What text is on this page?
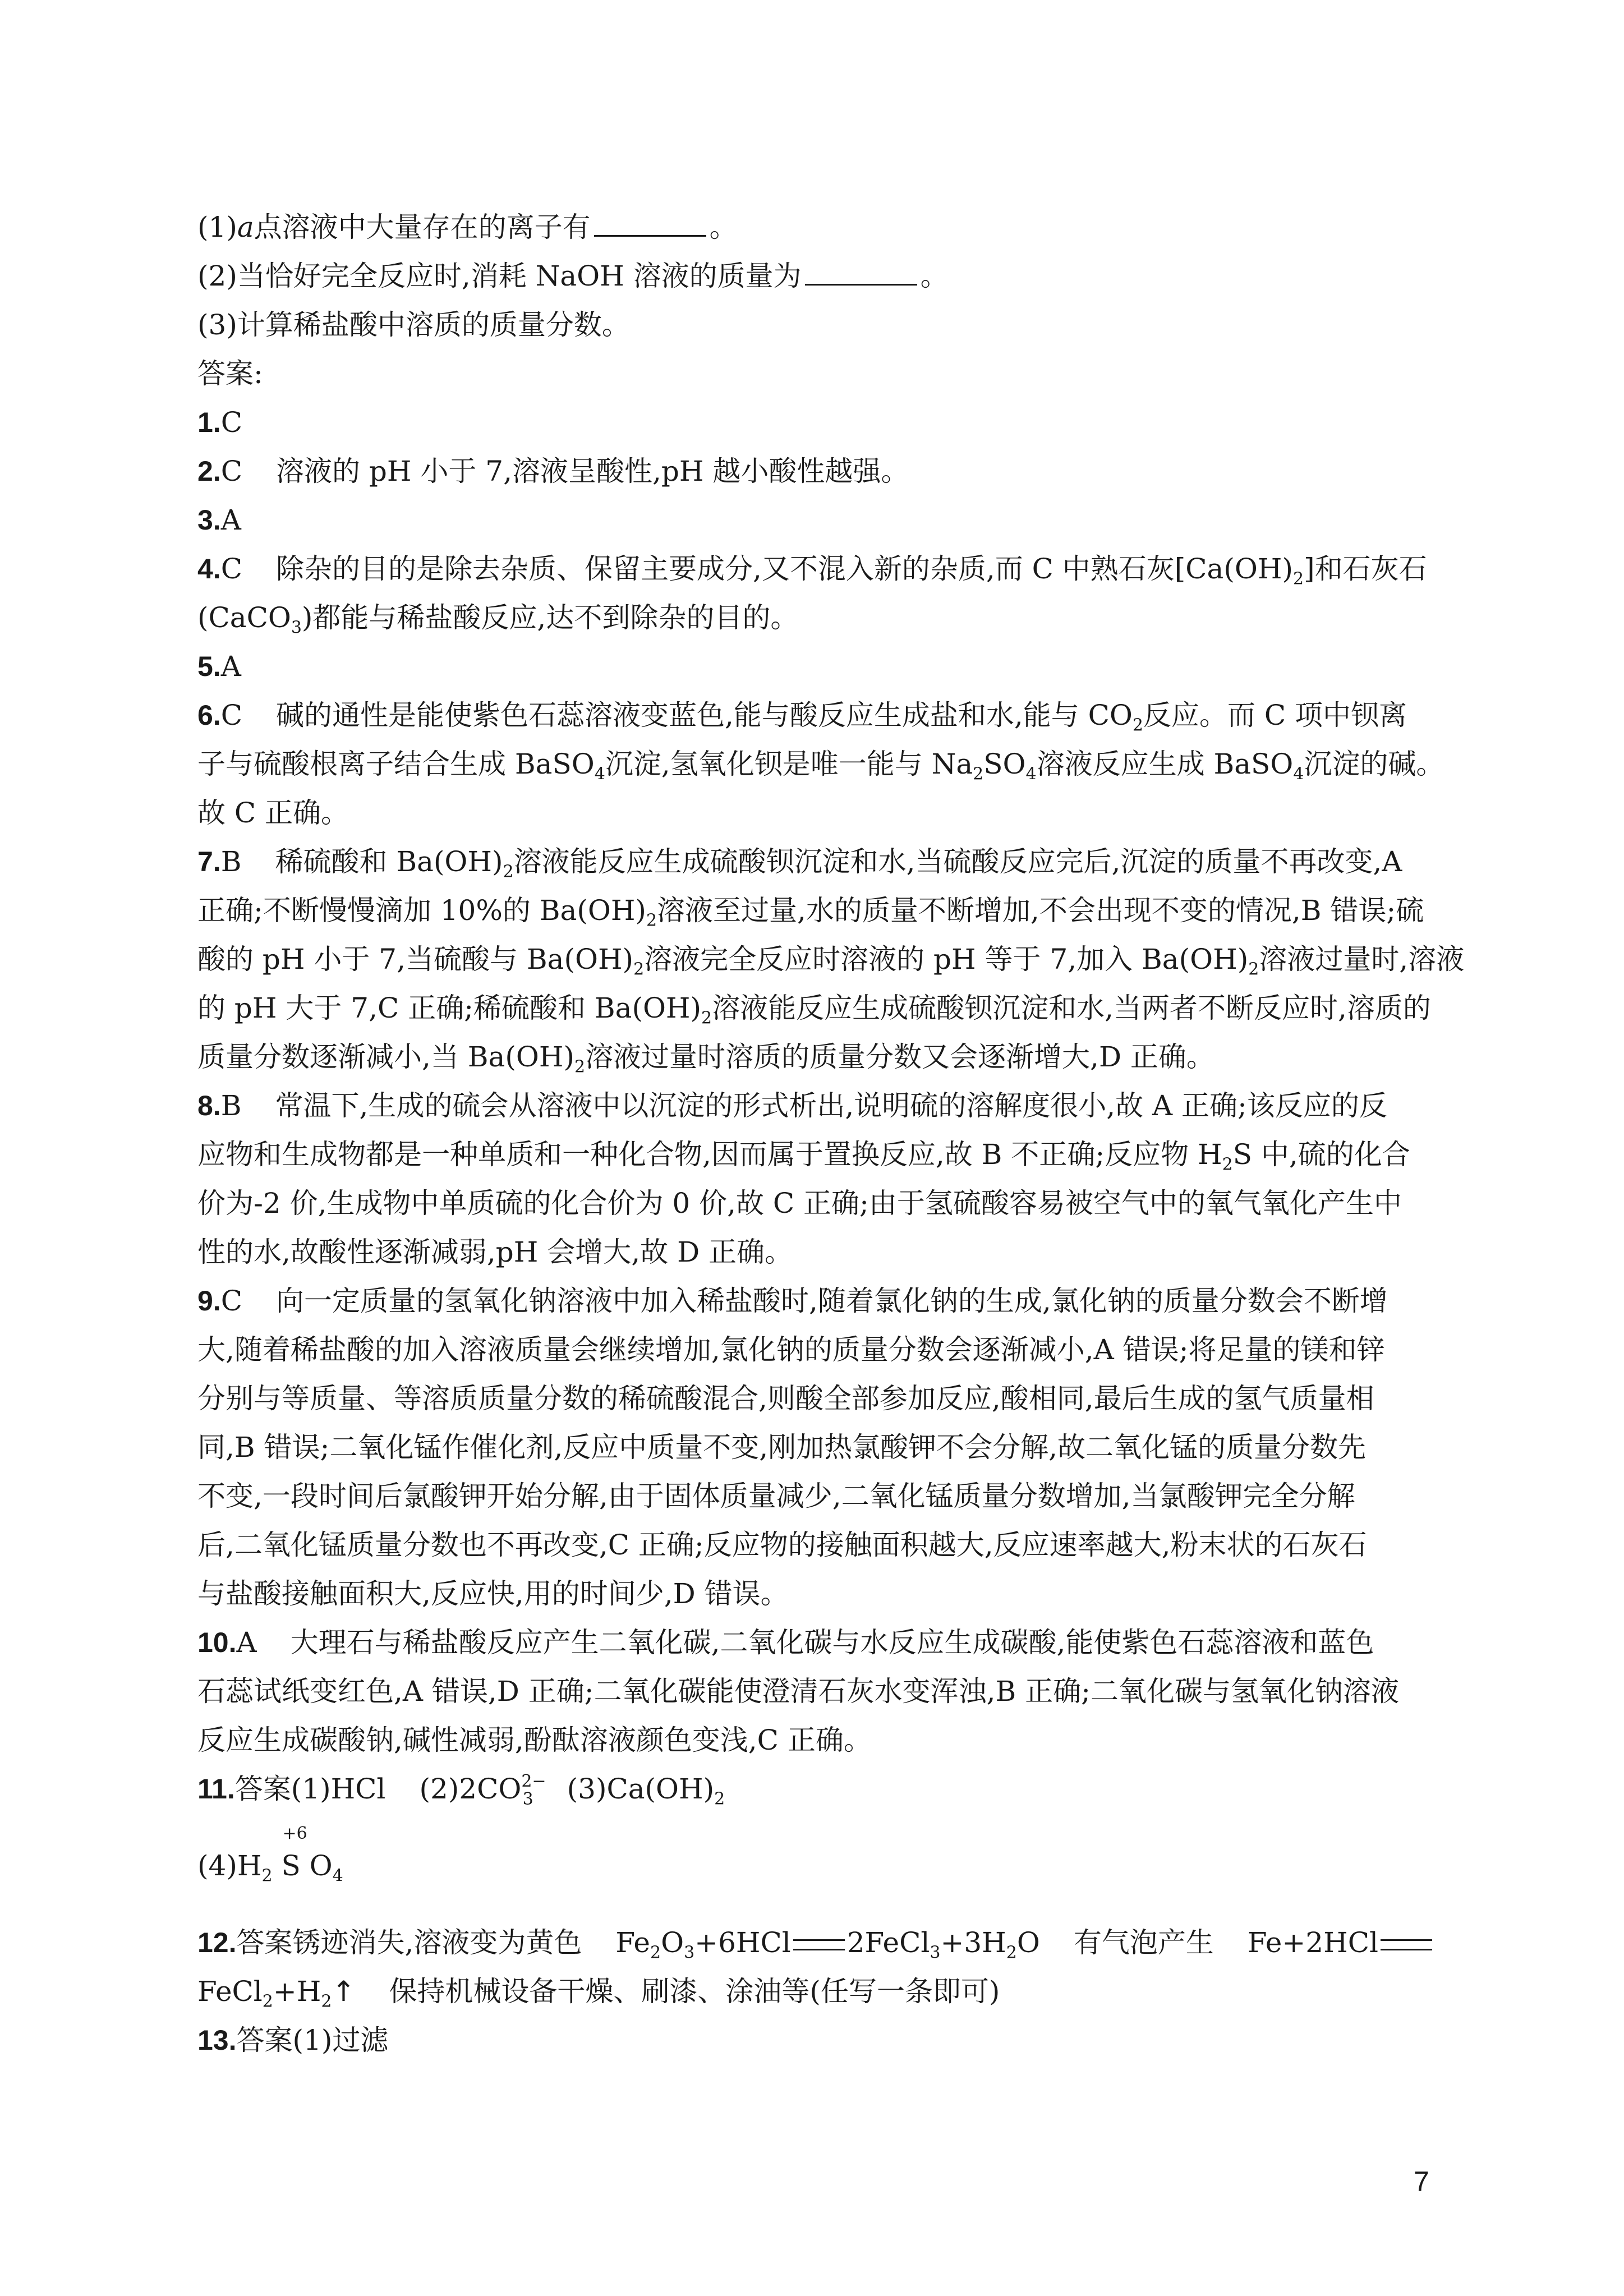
(1)a点溶液中大量存在的离子有	。
(2)当恰好完全反应时,消耗 NaOH 溶液的质量为	。
(3)计算稀盐酸中溶质的质量分数。
答案:
1.C
2.C 溶液的 pH 小于 7,溶液呈酸性,pH 越小酸性越强。
3.A
4.C 除杂的目的是除去杂质、保留主要成分,又不混入新的杂质,而 C 中熟石灰$[Ca(OH)_2]$和石灰石
(CaCO$_3$)都能与稀盐酸反应,达不到除杂的目的。
5.A
6.C 碱的通性是能使紫色石蕊溶液变蓝色,能与酸反应生成盐和水,能与 $CO_2$反应。而 C 项中钡离
子与硫酸根离子结合生成 BaSO$_4$沉淀,氢氧化钡是唯一能与 $Na_2SO_4$溶液反应生成 BaSO$_4$沉淀的碱。
故 C 正确。
7.B 稀硫酸和 $Ba(OH)_2$溶液能反应生成硫酸钡沉淀和水,当硫酸反应完后,沉淀的质量不再改变,A
正确;不断慢慢滴加 10%的 $Ba(OH)_2$溶液至过量,水的质量不断增加,不会出现不变的情况,B 错误;硫
酸的 pH 小于 7,当硫酸与 $Ba(OH)_2$溶液完全反应时溶液的 pH 等于 7,加入 $Ba(OH)_2$溶液过量时,溶液
的 pH 大于 7,C 正确;稀硫酸和 $Ba(OH)_2$溶液能反应生成硫酸钡沉淀和水,当两者不断反应时,溶质的
质量分数逐渐减小,当 $Ba(OH)_2$溶液过量时溶质的质量分数又会逐渐增大,D 正确。
8.B 常温下,生成的硫会从溶液中以沉淀的形式析出,说明硫的溶解度很小,故 A 正确;该反应的反
应物和生成物都是一种单质和一种化合物,因而属于置换反应,故 B 不正确;反应物 $H_2S$ 中,硫的化合
价为-2 价,生成物中单质硫的化合价为 0 价,故 C 正确;由于氢硫酸容易被空气中的氧气氧化产生中
性的水,故酸性逐渐减弱,pH 会增大,故 D 正确。
9.C 向一定质量的氢氧化钠溶液中加入稀盐酸时,随着氯化钠的生成,氯化钠的质量分数会不断增
大,随着稀盐酸的加入溶液质量会继续增加,氯化钠的质量分数会逐渐减小,A 错误;将足量的镁和锌
分别与等质量、等溶质质量分数的稀硫酸混合,则酸全部参加反应,酸相同,最后生成的氢气质量相
同,B 错误;二氧化锰作催化剂,反应中质量不变,刚加热氯酸钾不会分解,故二氧化锰的质量分数先
不变,一段时间后氯酸钾开始分解,由于固体质量减少,二氧化锰质量分数增加,当氯酸钾完全分解
后,二氧化锰质量分数也不再改变,C 正确;反应物的接触面积越大,反应速率越大,粉末状的石灰石
与盐酸接触面积大,反应快,用的时间少,D 错误。
10.A 大理石与稀盐酸反应产生二氧化碳,二氧化碳与水反应生成碳酸,能使紫色石蕊溶液和蓝色
石蕊试纸变红色,A 错误,D 正确;二氧化碳能使澄清石灰水变浑浊,B 正确;二氧化碳与氢氧化钠溶液
反应生成碳酸钠,碱性减弱,酚酞溶液颜色变浅,C 正确。
11.答案(1)HCl $(2)2CO^{2-}_3$ $(3)Ca(OH)_2$
$(4)H_2$
+6
S $O_4$
12.答案锈迹消失,溶液变为黄色 $Fe_2O_3+6HCl$ $2FeCl_3+3H_2O$ 有气泡产生 Fe+2HCl
$FeCl_2+H_2↑$ 保持机械设备干燥、刷漆、涂油等(任写一条即可)
13.答案(1)过滤
7
